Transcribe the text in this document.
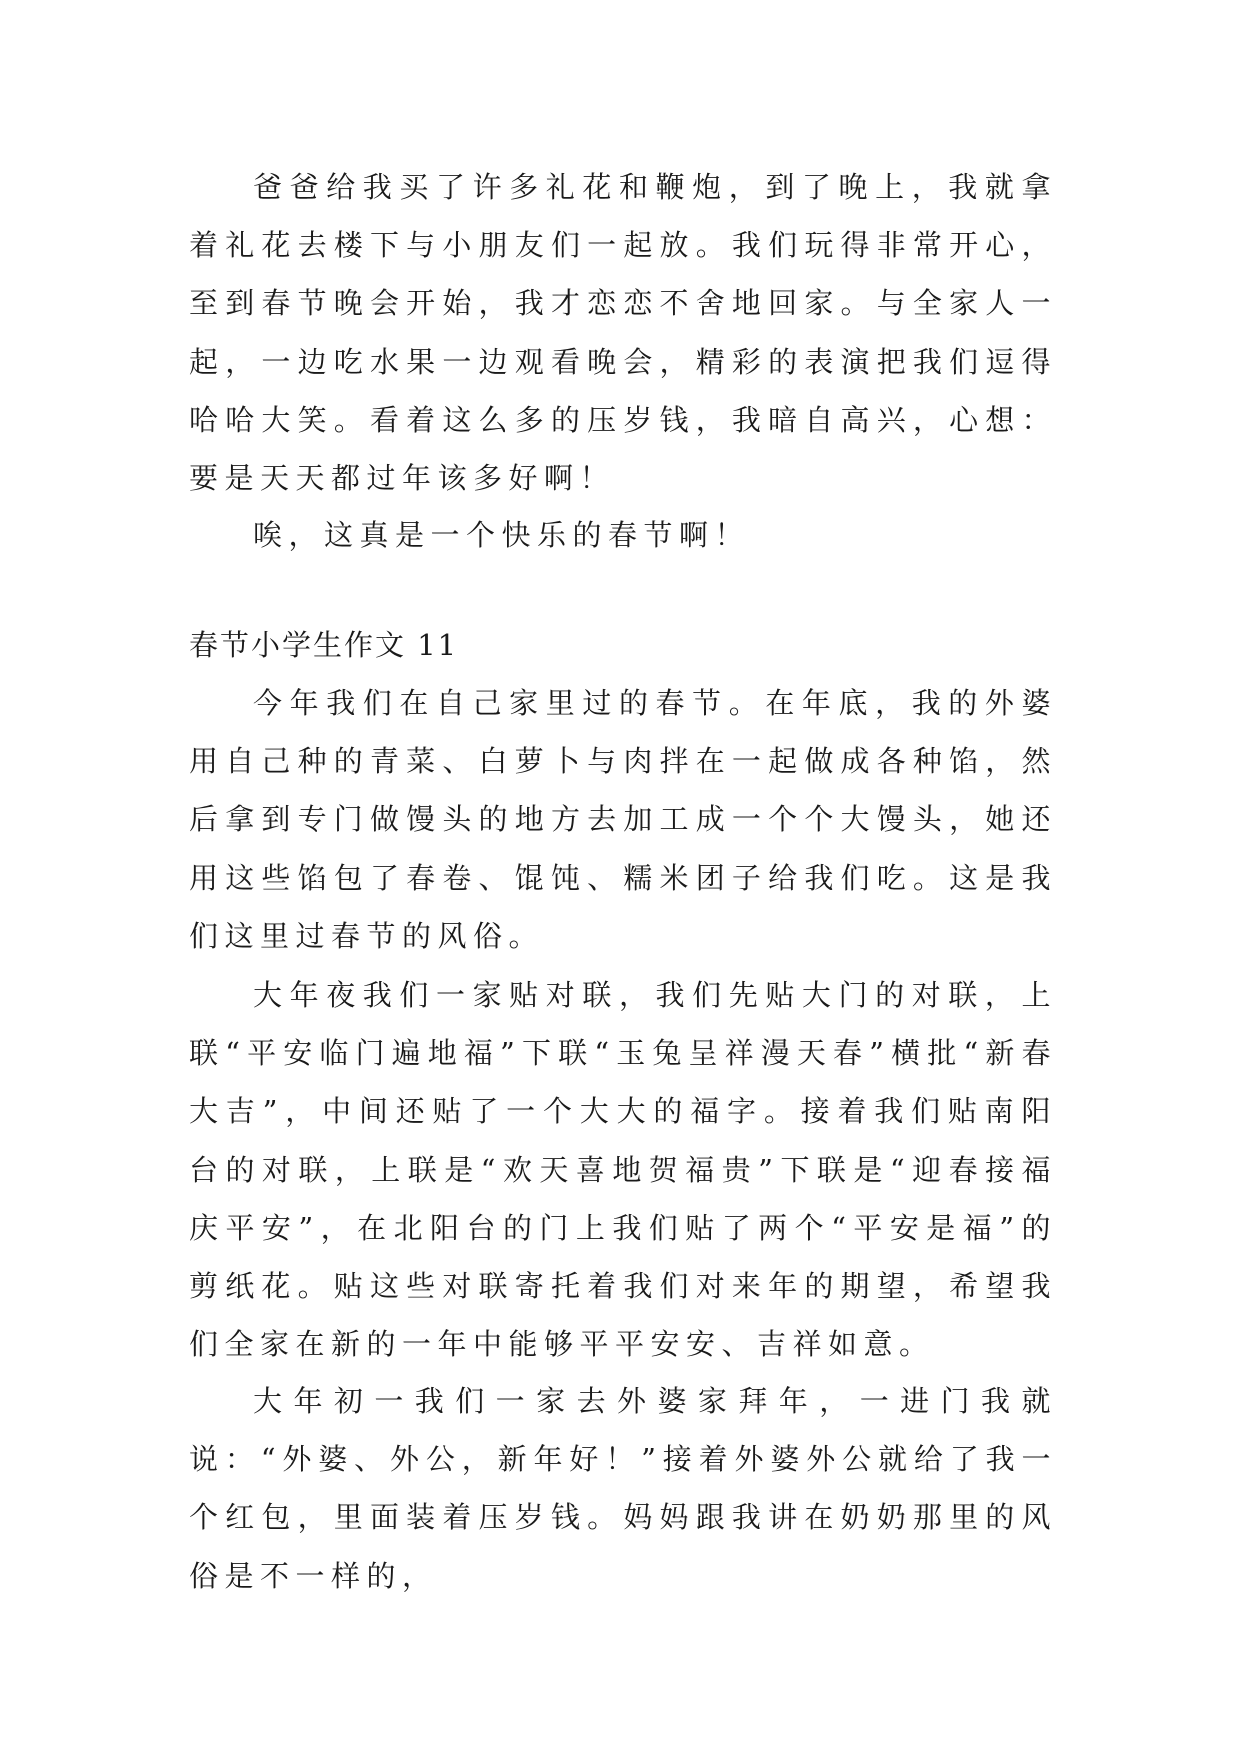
爸爸给我买了许多礼花和鞭炮，到了晚上，我就拿着礼花去楼下与小朋友们一起放。我们玩得非常开心，至到春节晚会开始，我才恋恋不舍地回家。与全家人一起，一边吃水果一边观看晚会，精彩的表演把我们逗得哈哈大笑。看着这么多的压岁钱，我暗自高兴，心想：要是天天都过年该多好啊！

唉，这真是一个快乐的春节啊！

春节小学生作文 11

今年我们在自己家里过的春节。在年底，我的外婆用自己种的青菜、白萝卜与肉拌在一起做成各种馅，然后拿到专门做馒头的地方去加工成一个个大馒头，她还用这些馅包了春卷、馄饨、糯米团子给我们吃。这是我们这里过春节的风俗。

大年夜我们一家贴对联，我们先贴大门的对联，上联“平安临门遍地福”下联“玉兔呈祥漫天春”横批“新春大吉”，中间还贴了一个大大的福字。接着我们贴南阳台的对联，上联是“欢天喜地贺福贵”下联是“迎春接福庆平安”，在北阳台的门上我们贴了两个“平安是福”的剪纸花。贴这些对联寄托着我们对来年的期望，希望我们全家在新的一年中能够平平安安、吉祥如意。

大年初一我们一家去外婆家拜年，一进门我就说：“外婆、外公，新年好！”接着外婆外公就给了我一个红包，里面装着压岁钱。妈妈跟我讲在奶奶那里的风俗是不一样的，
